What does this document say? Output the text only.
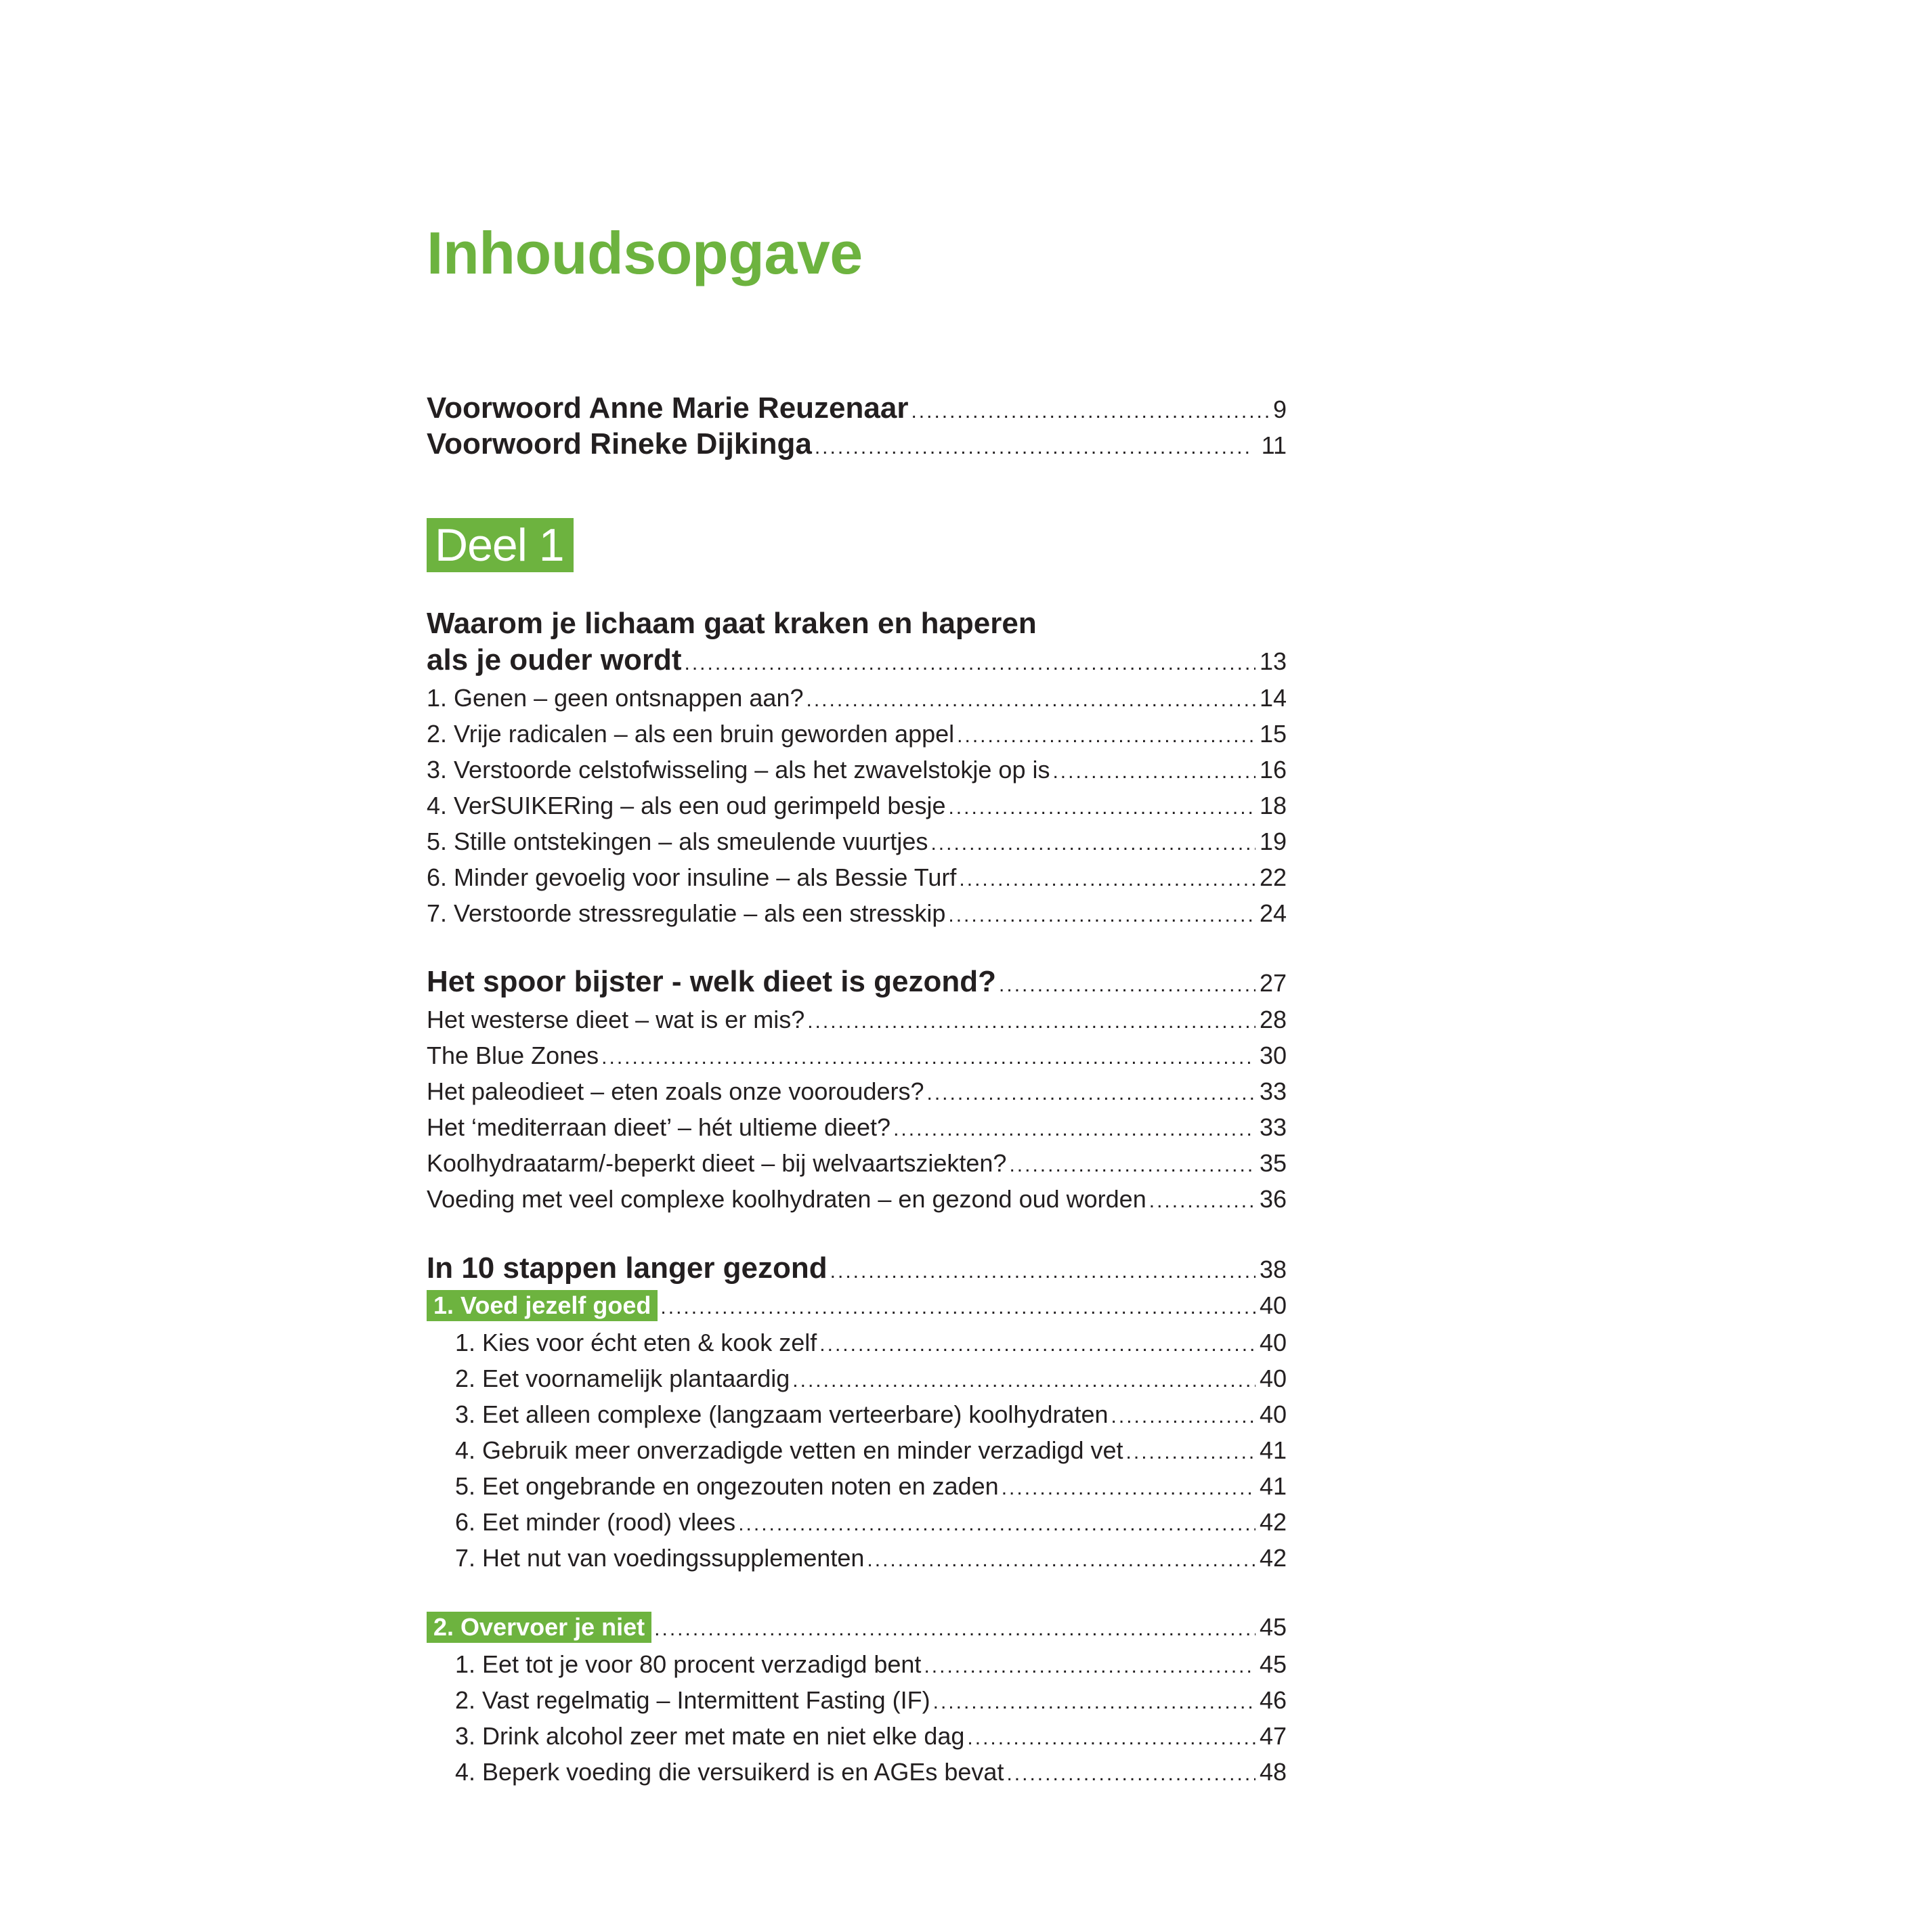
Inhoudsopgave
Voorwoord Anne Marie Reuzenaar .....	9
Voorwoord Rineke Dijkinga .....	11
Deel 1
Waarom je lichaam gaat kraken en haperen
als je ouder wordt .....	13
1. Genen – geen ontsnappen aan? .....	14
2. Vrije radicalen – als een bruin geworden appel .....	15
3. Verstoorde celstofwisseling – als het zwavelstokje op is .....	16
4. VerSUIKERing – als een oud gerimpeld besje .....	18
5. Stille ontstekingen – als smeulende vuurtjes .....	19
6. Minder gevoelig voor insuline – als Bessie Turf .....	22
7. Verstoorde stressregulatie – als een stresskip .....	24
Het spoor bijster - welk dieet is gezond? .....	27
Het westerse dieet – wat is er mis? .....	28
The Blue Zones .....	30
Het paleodieet – eten zoals onze voorouders? .....	33
Het ‘mediterraan dieet’ – hét ultieme dieet? .....	33
Koolhydraatarm/-beperkt dieet – bij welvaartsziekten? .....	35
Voeding met veel complexe koolhydraten – en gezond oud worden .....	36
In 10 stappen langer gezond .....	38
1. Voed jezelf goed .....	40
1. Kies voor écht eten & kook zelf .....	40
2. Eet voornamelijk plantaardig .....	40
3. Eet alleen complexe (langzaam verteerbare) koolhydraten .....	40
4. Gebruik meer onverzadigde vetten en minder verzadigd vet .....	41
5. Eet ongebrande en ongezouten noten en zaden .....	41
6. Eet minder (rood) vlees .....	42
7. Het nut van voedingssupplementen .....	42
2. Overvoer je niet .....	45
1. Eet tot je voor 80 procent verzadigd bent .....	45
2. Vast regelmatig – Intermittent Fasting (IF) .....	46
3. Drink alcohol zeer met mate en niet elke dag .....	47
4. Beperk voeding die versuikerd is en AGEs bevat .....	48
